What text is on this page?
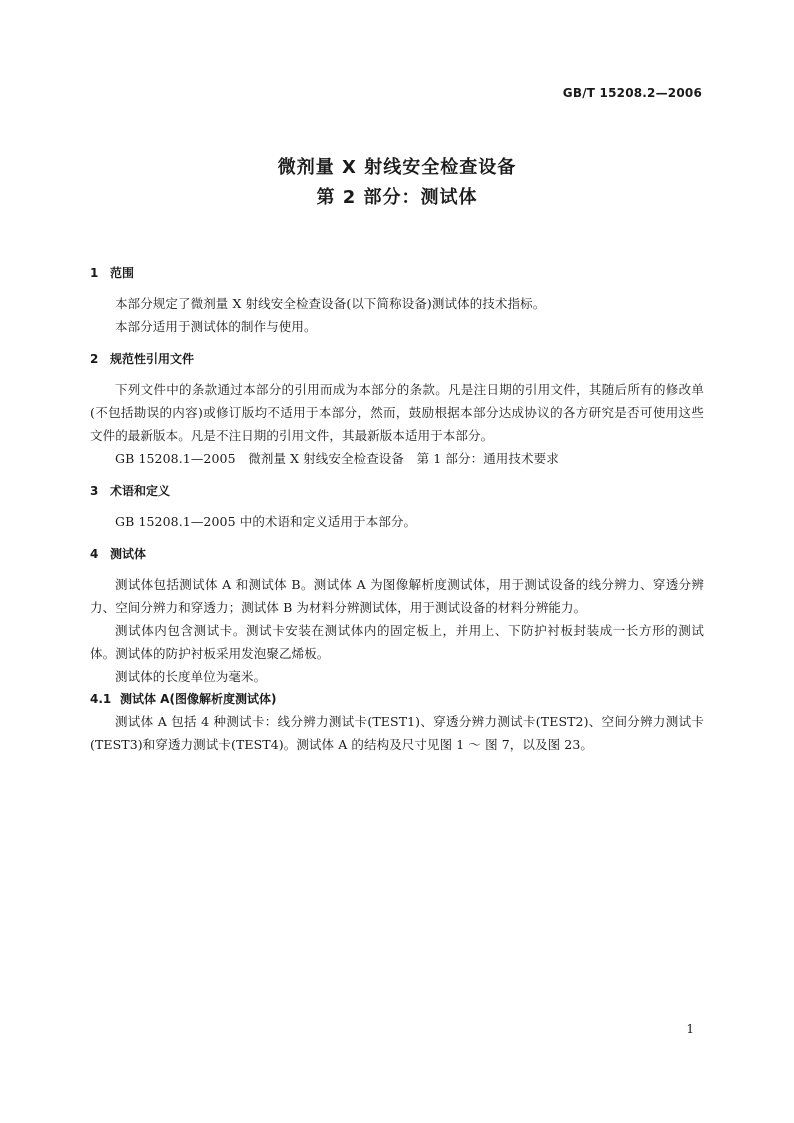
GB/T 15208.2—2006
微剂量 X 射线安全检查设备
第 2 部分：测试体
1 范围
本部分规定了微剂量 X 射线安全检查设备(以下简称设备)测试体的技术指标。
本部分适用于测试体的制作与使用。
2 规范性引用文件
下列文件中的条款通过本部分的引用而成为本部分的条款。凡是注日期的引用文件，其随后所有的修改单(不包括勘误的内容)或修订版均不适用于本部分，然而，鼓励根据本部分达成协议的各方研究是否可使用这些文件的最新版本。凡是不注日期的引用文件，其最新版本适用于本部分。
GB 15208.1—2005　微剂量 X 射线安全检查设备　第 1 部分：通用技术要求
3 术语和定义
GB 15208.1—2005 中的术语和定义适用于本部分。
4 测试体
测试体包括测试体 A 和测试体 B。测试体 A 为图像解析度测试体，用于测试设备的线分辨力、穿透分辨力、空间分辨力和穿透力；测试体 B 为材料分辨测试体，用于测试设备的材料分辨能力。
测试体内包含测试卡。测试卡安装在测试体内的固定板上，并用上、下防护衬板封装成一长方形的测试体。测试体的防护衬板采用发泡聚乙烯板。
测试体的长度单位为毫米。
4.1 测试体 A(图像解析度测试体)
测试体 A 包括 4 种测试卡：线分辨力测试卡(TEST1)、穿透分辨力测试卡(TEST2)、空间分辨力测试卡(TEST3)和穿透力测试卡(TEST4)。测试体 A 的结构及尺寸见图 1 ～ 图 7，以及图 23。
1
